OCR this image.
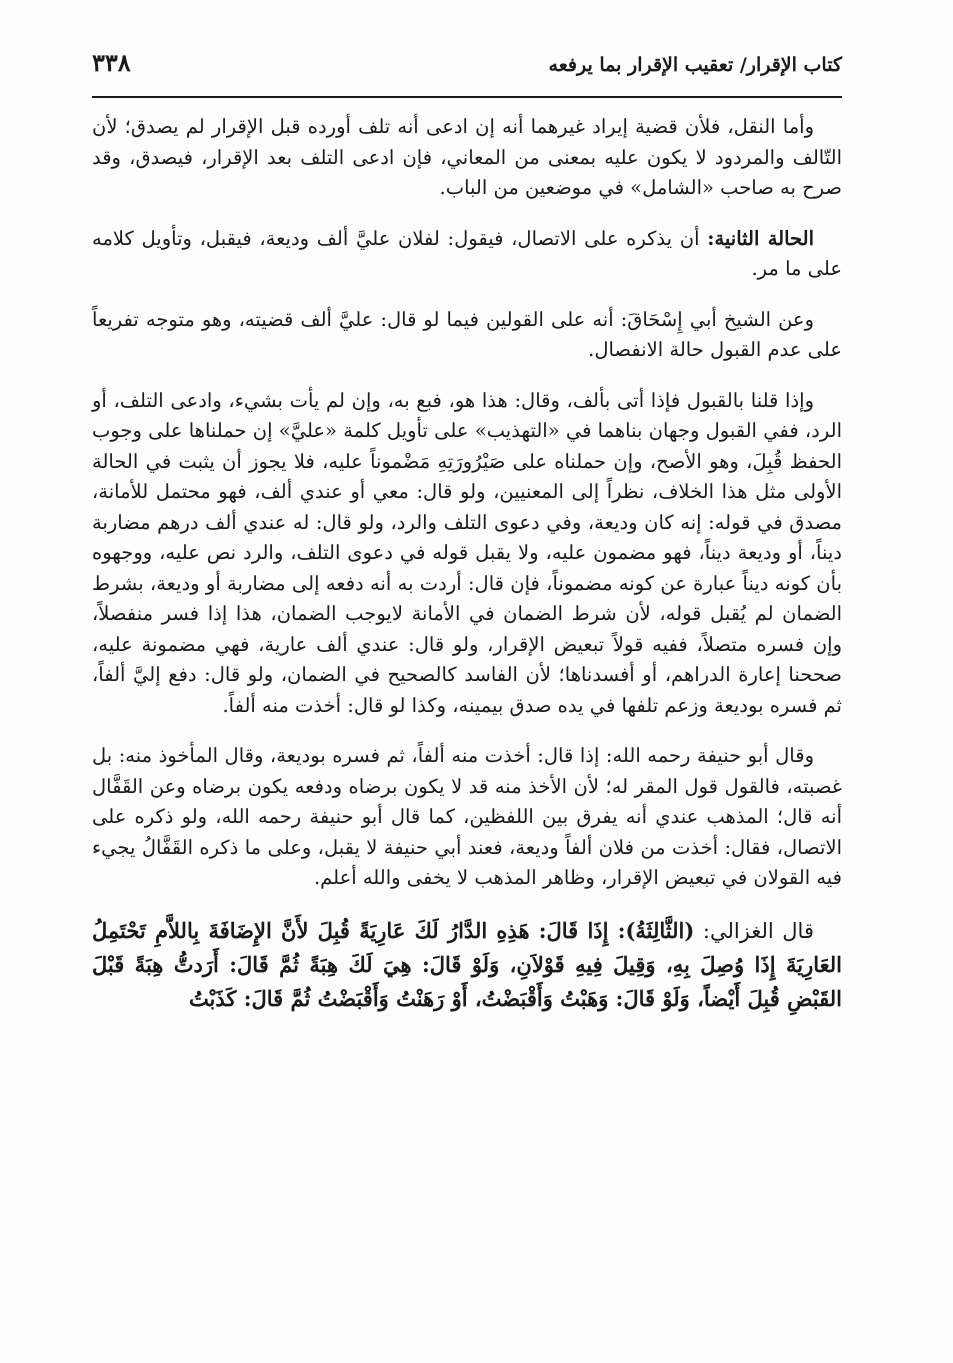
كتاب الإقرار/ تعقيب الإقرار بما يرفعه
٣٣٨

وأما النقل، فلأن قضية إيراد غيرهما أنه إن ادعى أنه تلف أورده قبل الإقرار لم يصدق؛ لأن التّالف والمردود لا يكون عليه بمعنى من المعاني، فإن ادعى التلف بعد الإقرار، فيصدق، وقد صرح به صاحب «الشامل» في موضعين من الباب.

الحالة الثانية: أن يذكره على الاتصال، فيقول: لفلان عليَّ ألف وديعة، فيقبل، وتأويل كلامه على ما مر.

وعن الشيخ أبي إِسْحَاقَ: أنه على القولين فيما لو قال: عليَّ ألف قضيته، وهو متوجه تفريعاً على عدم القبول حالة الانفصال.

وإذا قلنا بالقبول فإذا أتى بألف، وقال: هذا هو، فبع به، وإن لم يأت بشيء، وادعى التلف، أو الرد، ففي القبول وجهان بناهما في «التهذيب» على تأويل كلمة «عليَّ» إن حملناها على وجوب الحفظ قُبِلَ، وهو الأصح، وإن حملناه على صَيْرُورَتِهِ مَضْموناً عليه، فلا يجوز أن يثبت في الحالة الأولى مثل هذا الخلاف، نظراً إلى المعنيين، ولو قال: معي أو عندي ألف، فهو محتمل للأمانة، مصدق في قوله: إنه كان وديعة، وفي دعوى التلف والرد، ولو قال: له عندي ألف درهم مضاربة ديناً، أو وديعة ديناً، فهو مضمون عليه، ولا يقبل قوله في دعوى التلف، والرد نص عليه، ووجهوه بأن كونه ديناً عبارة عن كونه مضموناً، فإن قال: أردت به أنه دفعه إلى مضاربة أو وديعة، بشرط الضمان لم يُقبل قوله، لأن شرط الضمان في الأمانة لايوجب الضمان، هذا إذا فسر منفصلاً، وإن فسره متصلاً، ففيه قولاً تبعيض الإقرار، ولو قال: عندي ألف عارية، فهي مضمونة عليه، صححنا إعارة الدراهم، أو أفسدناها؛ لأن الفاسد كالصحيح في الضمان، ولو قال: دفع إليَّ ألفاً، ثم فسره بوديعة وزعم تلفها في يده صدق بيمينه، وكذا لو قال: أخذت منه ألفاً.

وقال أبو حنيفة رحمه الله: إذا قال: أخذت منه ألفاً، ثم فسره بوديعة، وقال المأخوذ منه: بل غصبته، فالقول قول المقر له؛ لأن الأخذ منه قد لا يكون برضاه ودفعه يكون برضاه وعن القَفَّال أنه قال؛ المذهب عندي أنه يفرق بين اللفظين، كما قال أبو حنيفة رحمه الله، ولو ذكره على الاتصال، فقال: أخذت من فلان ألفاً وديعة، فعند أبي حنيفة لا يقبل، وعلى ما ذكره القَفَّالُ يجيء فيه القولان في تبعيض الإقرار، وظاهر المذهب لا يخفى والله أعلم.

قال الغزالي: (الثَّالِثَةُ): إِذَا قَالَ: هَذِهِ الدَّارُ لَكَ عَارِيَةً قُبِلَ لأَنَّ الإِضَافَةَ بِاللاَّمِ تَحْتَمِلُ العَارِيَةَ إِذَا وُصِلَ بِهِ، وَقِيلَ فِيهِ قَوْلاَنِ، وَلَوْ قَالَ: هِيَ لَكَ هِبَةً ثُمَّ قَالَ: أَرَدتُّ هِبَةً قَبْلَ القَبْضِ قُبِلَ أَيْضاً، وَلَوْ قَالَ: وَهَبْتُ وَأَقْبَضْتُ، أَوْ رَهَنْتُ وَأَقْبَضْتُ ثُمَّ قَالَ: كَذَبْتُ
